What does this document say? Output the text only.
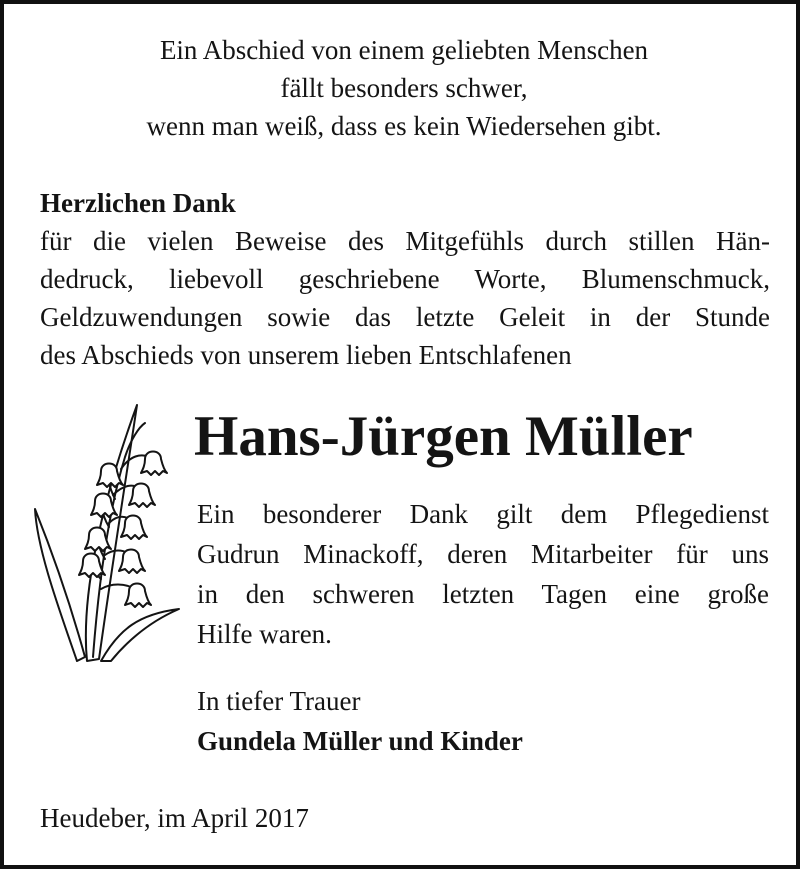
Ein Abschied von einem geliebten Menschen
fällt besonders schwer,
wenn man weiß, dass es kein Wiedersehen gibt.
Herzlichen Dank
für die vielen Beweise des Mitgefühls durch stillen Hän-
dedruck, liebevoll geschriebene Worte, Blumenschmuck,
Geldzuwendungen sowie das letzte Geleit in der Stunde
des Abschieds von unserem lieben Entschlafenen
Hans-Jürgen Müller
Ein besonderer Dank gilt dem Pflegedienst
Gudrun Minackoff, deren Mitarbeiter für uns
in den schweren letzten Tagen eine große
Hilfe waren.
In tiefer Trauer
Gundela Müller und Kinder
Heudeber, im April 2017
